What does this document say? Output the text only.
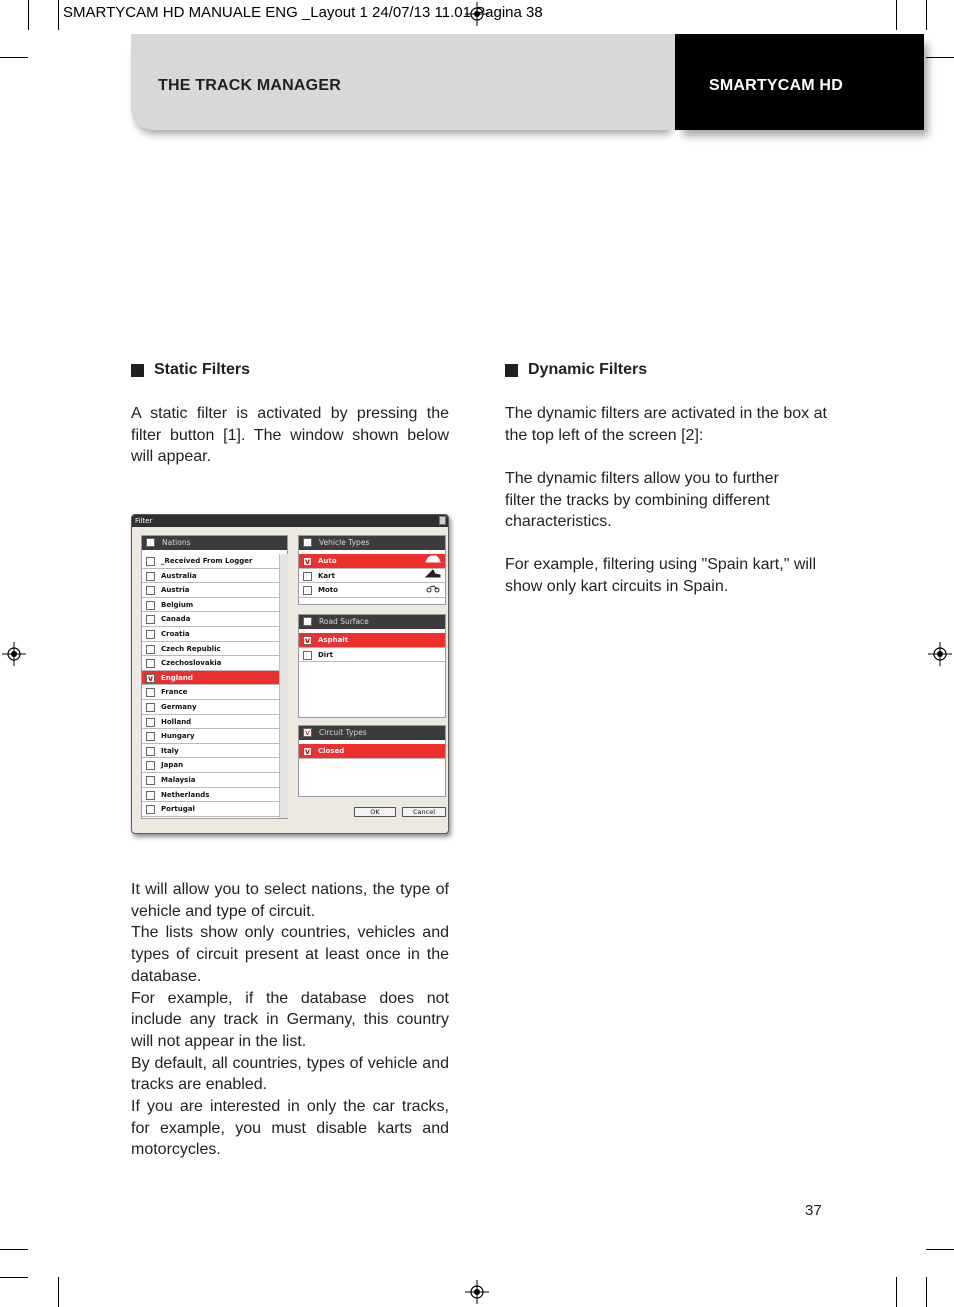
SMARTYCAM HD MANUALE ENG _Layout 1 24/07/13 11.01 Pagina 38
THE TRACK MANAGER	SMARTYCAM HD
Static Filters
A static filter is activated by pressing the filter button [1]. The window shown below will appear.
Filter
Nations
_Received From Logger
Australia
Austria
Belgium
Canada
Croatia
Czech Republic
Czechoslovakia
v England
France
Germany
Holland
Hungary
Italy
Japan
Malaysia
Netherlands
Portugal
Vehicle Types
v Auto
Kart
Moto
Road Surface
v Asphalt
Dirt
v Circuit Types
v Closed
OK	Cancel
It will allow you to select nations, the type of vehicle and type of circuit.
The lists show only countries, vehicles and types of circuit present at least once in the database.
For example, if the database does not include any track in Germany, this country will not appear in the list.
By default, all countries, types of vehicle and tracks are enabled.
If you are interested in only the car tracks, for example, you must disable karts and motorcycles.
Dynamic Filters
The dynamic filters are activated in the box at the top left of the screen [2]:
The dynamic filters allow you to further filter the tracks by combining different characteristics.
For example, filtering using "Spain kart," will show only kart circuits in Spain.
37
